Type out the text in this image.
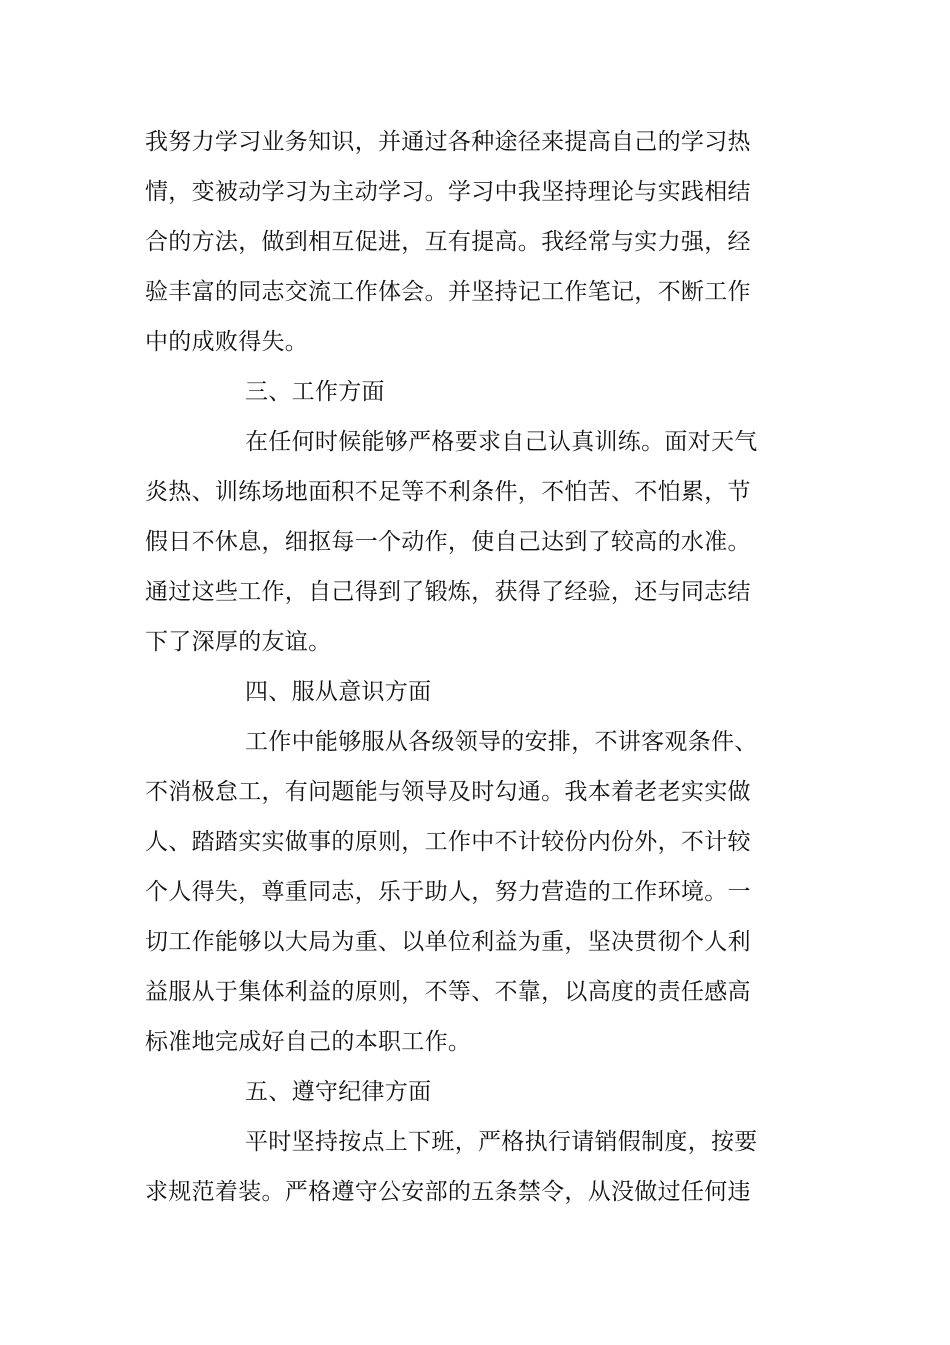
我努力学习业务知识，并通过各种途径来提高自己的学习热
情，变被动学习为主动学习。学习中我坚持理论与实践相结
合的方法，做到相互促进，互有提高。我经常与实力强，经
验丰富的同志交流工作体会。并坚持记工作笔记，不断工作
中的成败得失。
三、工作方面
在任何时候能够严格要求自己认真训练。面对天气
炎热、训练场地面积不足等不利条件，不怕苦、不怕累，节
假日不休息，细抠每一个动作，使自己达到了较高的水准。
通过这些工作，自己得到了锻炼，获得了经验，还与同志结
下了深厚的友谊。
四、服从意识方面
工作中能够服从各级领导的安排，不讲客观条件、
不消极怠工，有问题能与领导及时勾通。我本着老老实实做
人、踏踏实实做事的原则，工作中不计较份内份外，不计较
个人得失，尊重同志，乐于助人，努力营造的工作环境。一
切工作能够以大局为重、以单位利益为重，坚决贯彻个人利
益服从于集体利益的原则，不等、不靠，以高度的责任感高
标准地完成好自己的本职工作。
五、遵守纪律方面
平时坚持按点上下班，严格执行请销假制度，按要
求规范着装。严格遵守公安部的五条禁令，从没做过任何违
